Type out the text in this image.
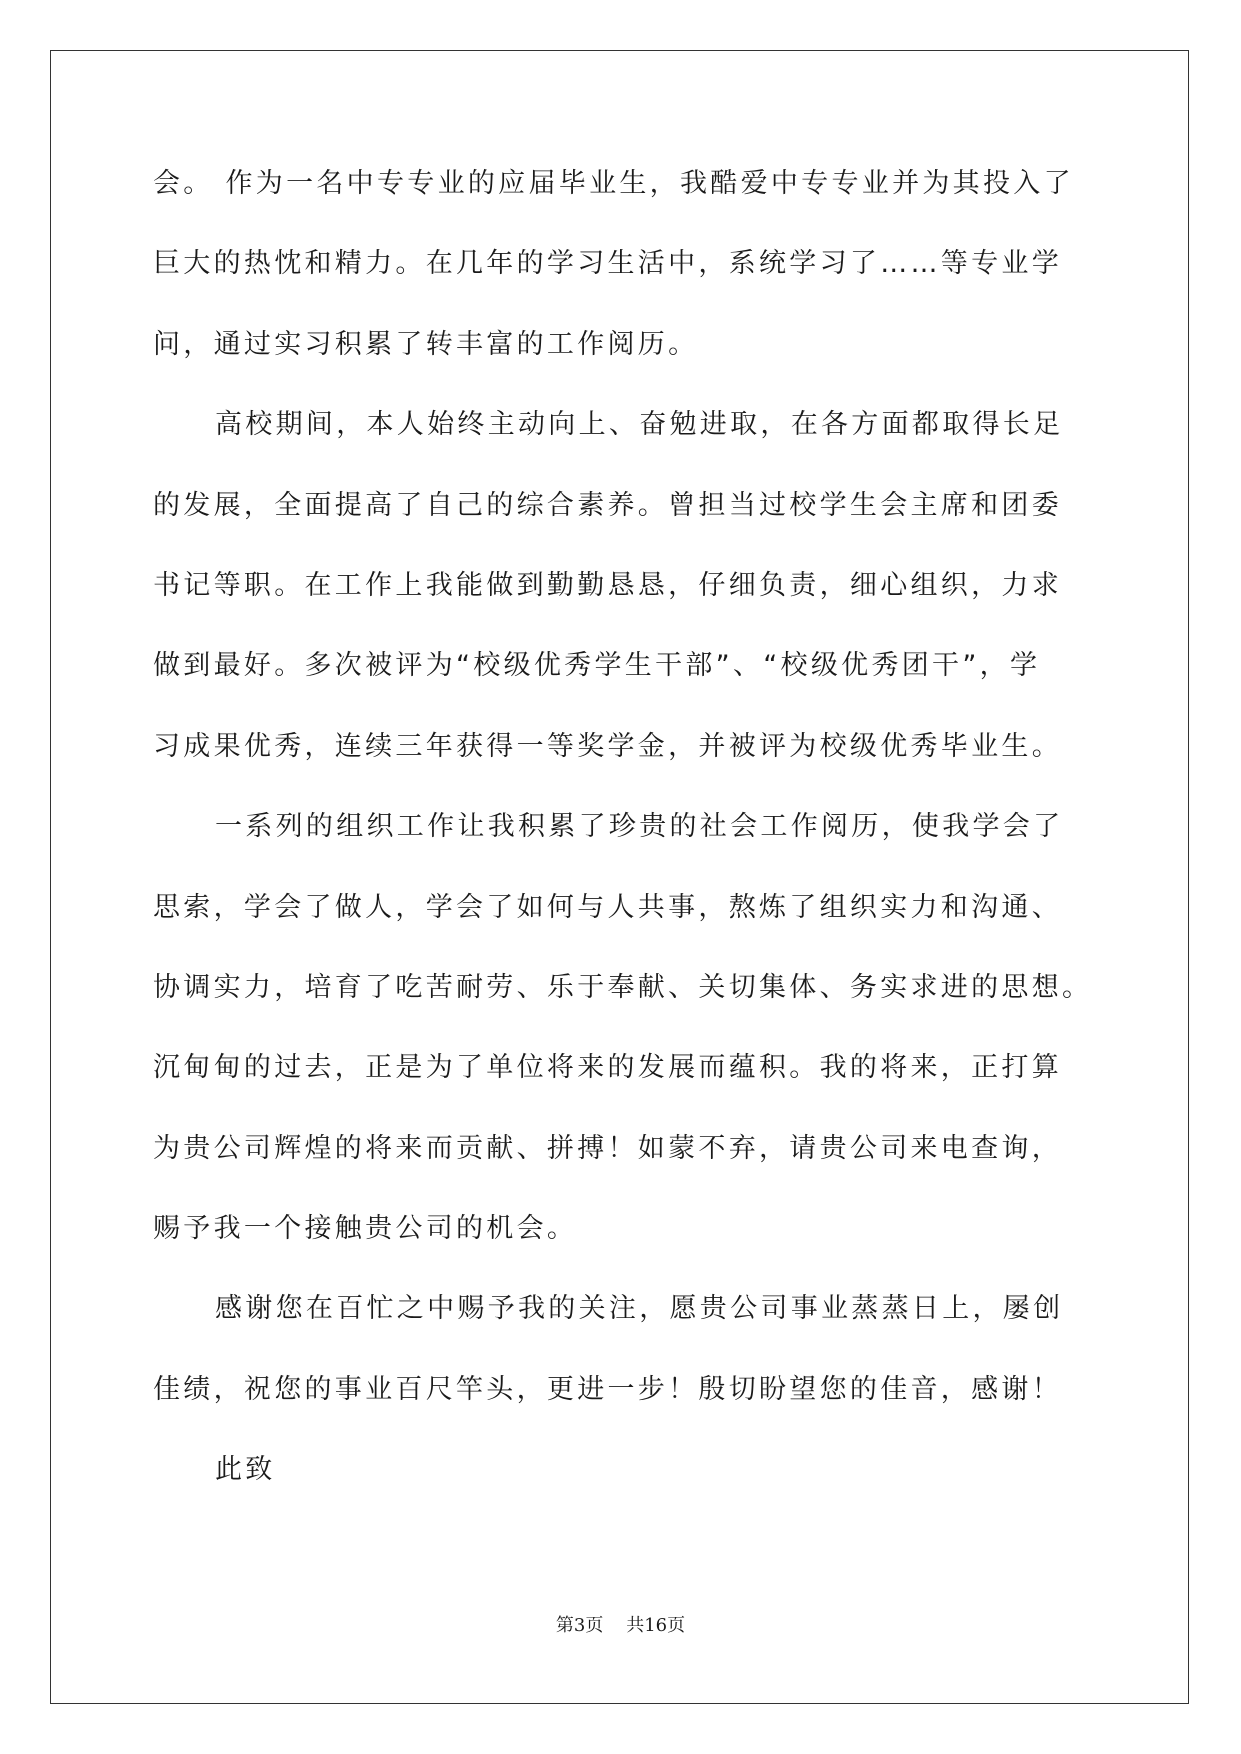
会。 作为一名中专专业的应届毕业生，我酷爱中专专业并为其投入了
巨大的热忱和精力。在几年的学习生活中，系统学习了……等专业学
问，通过实习积累了转丰富的工作阅历。
高校期间，本人始终主动向上、奋勉进取，在各方面都取得长足
的发展，全面提高了自己的综合素养。曾担当过校学生会主席和团委
书记等职。在工作上我能做到勤勤恳恳，仔细负责，细心组织，力求
做到最好。多次被评为“校级优秀学生干部”、“校级优秀团干”，学
习成果优秀，连续三年获得一等奖学金，并被评为校级优秀毕业生。
一系列的组织工作让我积累了珍贵的社会工作阅历，使我学会了
思索，学会了做人，学会了如何与人共事，熬炼了组织实力和沟通、
协调实力，培育了吃苦耐劳、乐于奉献、关切集体、务实求进的思想。
沉甸甸的过去，正是为了单位将来的发展而蕴积。我的将来，正打算
为贵公司辉煌的将来而贡献、拼搏！如蒙不弃，请贵公司来电查询，
赐予我一个接触贵公司的机会。
感谢您在百忙之中赐予我的关注，愿贵公司事业蒸蒸日上，屡创
佳绩，祝您的事业百尺竿头，更进一步！殷切盼望您的佳音，感谢！
此致
第3页 共16页
